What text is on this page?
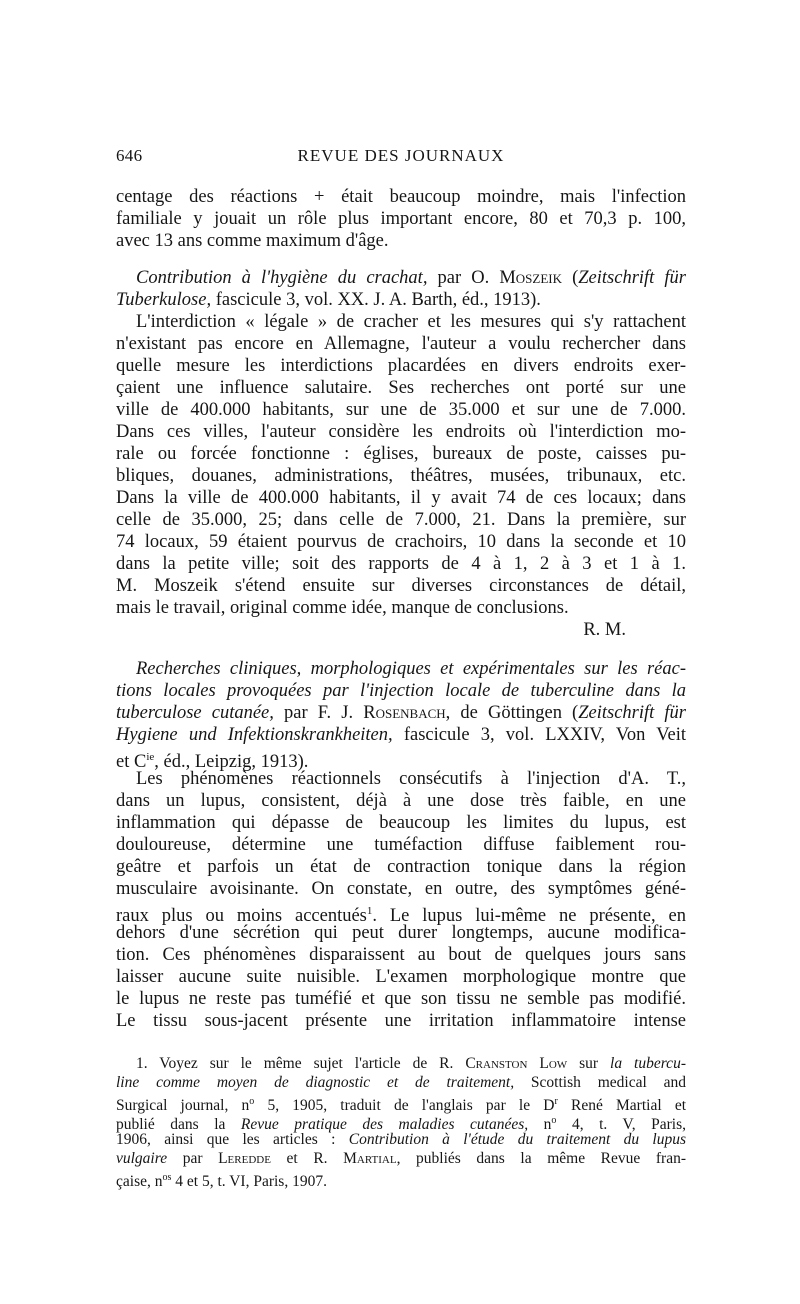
646	REVUE DES JOURNAUX
centage des réactions + était beaucoup moindre, mais l'infection
familiale y jouait un rôle plus important encore, 80 et 70,3 p. 100,
avec 13 ans comme maximum d'âge.
Contribution à l'hygiène du crachat, par O. Moszeik (Zeitschrift für
Tuberkulose, fascicule 3, vol. XX. J. A. Barth, éd., 1913).
L'interdiction « légale » de cracher et les mesures qui s'y rattachent
n'existant pas encore en Allemagne, l'auteur a voulu rechercher dans
quelle mesure les interdictions placardées en divers endroits exer-
çaient une influence salutaire. Ses recherches ont porté sur une
ville de 400.000 habitants, sur une de 35.000 et sur une de 7.000.
Dans ces villes, l'auteur considère les endroits où l'interdiction mo-
rale ou forcée fonctionne : églises, bureaux de poste, caisses pu-
bliques, douanes, administrations, théâtres, musées, tribunaux, etc.
Dans la ville de 400.000 habitants, il y avait 74 de ces locaux; dans
celle de 35.000, 25; dans celle de 7.000, 21. Dans la première, sur
74 locaux, 59 étaient pourvus de crachoirs, 10 dans la seconde et 10
dans la petite ville; soit des rapports de 4 à 1, 2 à 3 et 1 à 1.
M. Moszeik s'étend ensuite sur diverses circonstances de détail,
mais le travail, original comme idée, manque de conclusions.
R. M.
Recherches cliniques, morphologiques et expérimentales sur les réac-
tions locales provoquées par l'injection locale de tuberculine dans la
tuberculose cutanée, par F. J. Rosenbach, de Göttingen (Zeitschrift für
Hygiene und Infektionskrankheiten, fascicule 3, vol. LXXIV, Von Veit
et $C^{ie}$, éd., Leipzig, 1913).
Les phénomènes réactionnels consécutifs à l'injection d'A. T.,
dans un lupus, consistent, déjà à une dose très faible, en une
inflammation qui dépasse de beaucoup les limites du lupus, est
douloureuse, détermine une tuméfaction diffuse faiblement rou-
geâtre et parfois un état de contraction tonique dans la région
musculaire avoisinante. On constate, en outre, des symptômes géné-
raux plus ou moins accentués$^1$. Le lupus lui-même ne présente, en
dehors d'une sécrétion qui peut durer longtemps, aucune modifica-
tion. Ces phénomènes disparaissent au bout de quelques jours sans
laisser aucune suite nuisible. L'examen morphologique montre que
le lupus ne reste pas tuméfié et que son tissu ne semble pas modifié.
Le tissu sous-jacent présente une irritation inflammatoire intense
1. Voyez sur le même sujet l'article de R. Cranston Low sur la tubercu-
line comme moyen de diagnostic et de traitement, Scottish medical and
Surgical journal, $n^o$ 5, 1905, traduit de l'anglais par le $D^r$ René Martial et
publié dans la Revue pratique des maladies cutanées, $n^o$ 4, t. V, Paris,
1906, ainsi que les articles : Contribution à l'étude du traitement du lupus
vulgaire par Leredde et R. Martial, publiés dans la même Revue fran-
çaise, $n^{os}$ 4 et 5, t. VI, Paris, 1907.
